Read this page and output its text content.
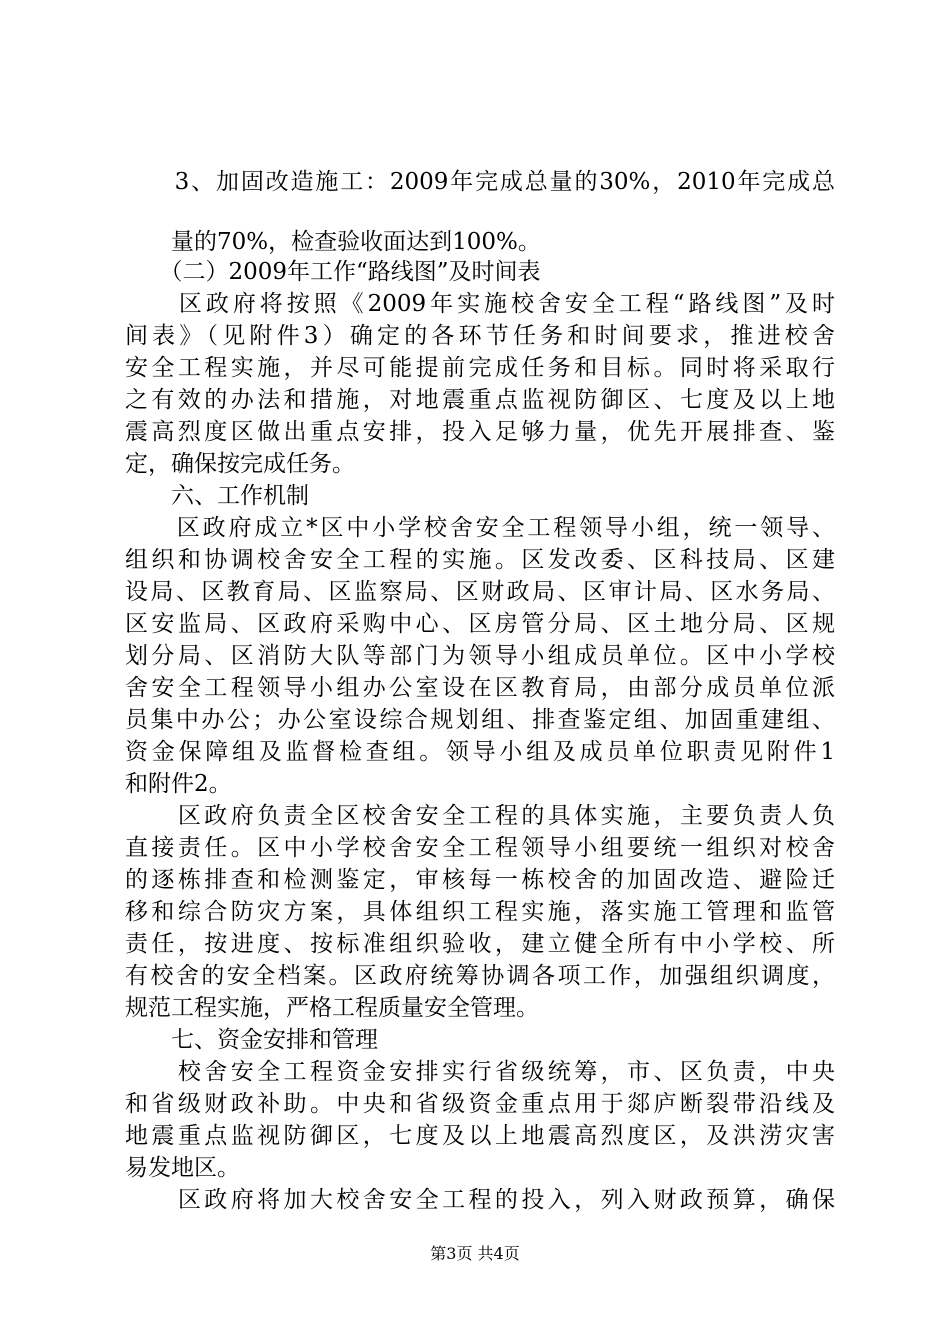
　　3、加固改造施工：2009年完成总量的30%，2010年完成总
　　量的70%，检查验收面达到100%。
　　（二）2009年工作“路线图”及时间表
　　区政府将按照《2009年实施校舍安全工程“路线图”及时
间表》（见附件3）确定的各环节任务和时间要求，推进校舍
安全工程实施，并尽可能提前完成任务和目标。同时将采取行
之有效的办法和措施，对地震重点监视防御区、七度及以上地
震高烈度区做出重点安排，投入足够力量，优先开展排查、鉴
定，确保按完成任务。
　　六、工作机制
　　区政府成立*区中小学校舍安全工程领导小组，统一领导、
组织和协调校舍安全工程的实施。区发改委、区科技局、区建
设局、区教育局、区监察局、区财政局、区审计局、区水务局、
区安监局、区政府采购中心、区房管分局、区土地分局、区规
划分局、区消防大队等部门为领导小组成员单位。区中小学校
舍安全工程领导小组办公室设在区教育局，由部分成员单位派
员集中办公；办公室设综合规划组、排查鉴定组、加固重建组、
资金保障组及监督检查组。领导小组及成员单位职责见附件1
和附件2。
　　区政府负责全区校舍安全工程的具体实施，主要负责人负
直接责任。区中小学校舍安全工程领导小组要统一组织对校舍
的逐栋排查和检测鉴定，审核每一栋校舍的加固改造、避险迁
移和综合防灾方案，具体组织工程实施，落实施工管理和监管
责任，按进度、按标准组织验收，建立健全所有中小学校、所
有校舍的安全档案。区政府统筹协调各项工作，加强组织调度，
规范工程实施，严格工程质量安全管理。
　　七、资金安排和管理
　　校舍安全工程资金安排实行省级统筹，市、区负责，中央
和省级财政补助。中央和省级资金重点用于郯庐断裂带沿线及
地震重点监视防御区，七度及以上地震高烈度区，及洪涝灾害
易发地区。
　　区政府将加大校舍安全工程的投入，列入财政预算，确保
第3页 共4页
